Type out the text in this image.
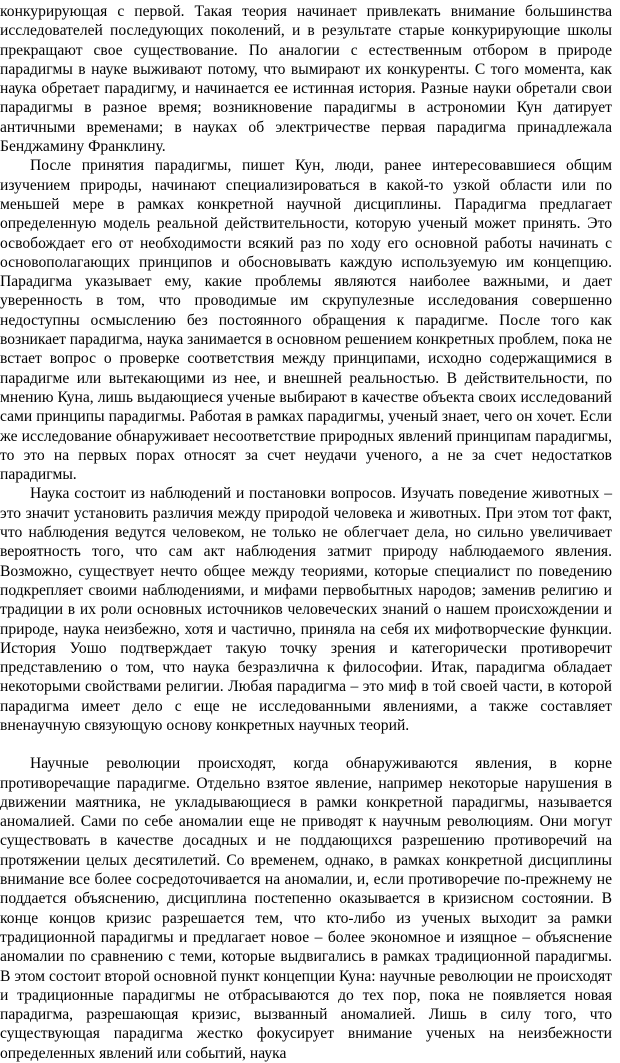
конкурирующая с первой. Такая теория начинает привлекать внимание большинства исследователей последующих поколений, и в результате старые конкурирующие школы прекращают свое существование. По аналогии с естественным отбором в природе парадигмы в науке выживают потому, что вымирают их конкуренты. С того момента, как наука обретает парадигму, и начинается ее истинная история. Разные науки обретали свои парадигмы в разное время; возникновение парадигмы в астрономии Кун датирует античными временами; в науках об электричестве первая парадигма принадлежала Бенджамину Франклину.

После принятия парадигмы, пишет Кун, люди, ранее интересовавшиеся общим изучением природы, начинают специализироваться в какой-то узкой области или по меньшей мере в рамках конкретной научной дисциплины. Парадигма предлагает определенную модель реальной действительности, которую ученый может принять. Это освобождает его от необходимости всякий раз по ходу его основной работы начинать с основополагающих принципов и обосновывать каждую используемую им концепцию. Парадигма указывает ему, какие проблемы являются наиболее важными, и дает уверенность в том, что проводимые им скрупулезные исследования совершенно недоступны осмыслению без постоянного обращения к парадигме. После того как возникает парадигма, наука занимается в основном решением конкретных проблем, пока не встает вопрос о проверке соответствия между принципами, исходно содержащимися в парадигме или вытекающими из нее, и внешней реальностью. В действительности, по мнению Куна, лишь выдающиеся ученые выбирают в качестве объекта своих исследований сами принципы парадигмы. Работая в рамках парадигмы, ученый знает, чего он хочет. Если же исследование обнаруживает несоответствие природных явлений принципам парадигмы, то это на первых порах относят за счет неудачи ученого, а не за счет недостатков парадигмы.

Наука состоит из наблюдений и постановки вопросов. Изучать поведение животных – это значит установить различия между природой человека и животных. При этом тот факт, что наблюдения ведутся человеком, не только не облегчает дела, но сильно увеличивает вероятность того, что сам акт наблюдения затмит природу наблюдаемого явления. Возможно, существует нечто общее между теориями, которые специалист по поведению подкрепляет своими наблюдениями, и мифами первобытных народов; заменив религию и традиции в их роли основных источников человеческих знаний о нашем происхождении и природе, наука неизбежно, хотя и частично, приняла на себя их мифотворческие функции. История Уошо подтверждает такую точку зрения и категорически противоречит представлению о том, что наука безразлична к философии. Итак, парадигма обладает некоторыми свойствами религии. Любая парадигма – это миф в той своей части, в которой парадигма имеет дело с еще не исследованными явлениями, а также составляет вненаучную связующую основу конкретных научных теорий.

Научные революции происходят, когда обнаруживаются явления, в корне противоречащие парадигме. Отдельно взятое явление, например некоторые нарушения в движении маятника, не укладывающиеся в рамки конкретной парадигмы, называется аномалией. Сами по себе аномалии еще не приводят к научным революциям. Они могут существовать в качестве досадных и не поддающихся разрешению противоречий на протяжении целых десятилетий. Со временем, однако, в рамках конкретной дисциплины внимание все более сосредоточивается на аномалии, и, если противоречие по-прежнему не поддается объяснению, дисциплина постепенно оказывается в кризисном состоянии. В конце концов кризис разрешается тем, что кто-либо из ученых выходит за рамки традиционной парадигмы и предлагает новое – более экономное и изящное – объяснение аномалии по сравнению с теми, которые выдвигались в рамках традиционной парадигмы. В этом состоит второй основной пункт концепции Куна: научные революции не происходят и традиционные парадигмы не отбрасываются до тех пор, пока не появляется новая парадигма, разрешающая кризис, вызванный аномалией. Лишь в силу того, что существующая парадигма жестко фокусирует внимание ученых на неизбежности определенных явлений или событий, наука
